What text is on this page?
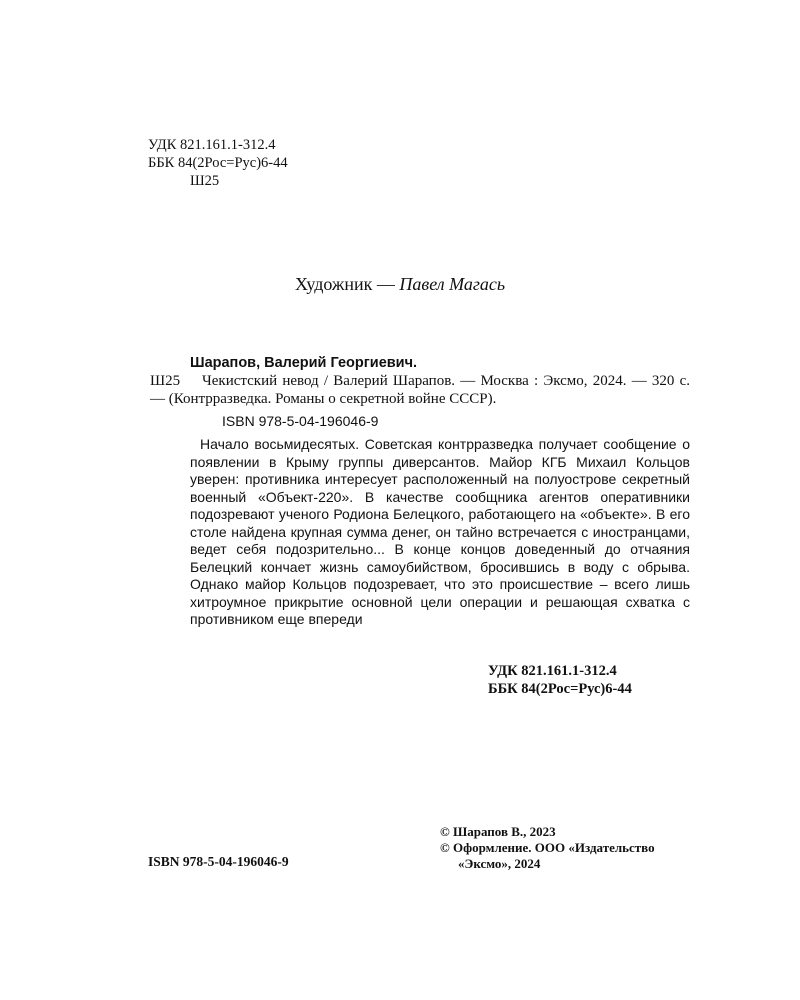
УДК 821.161.1-312.4
ББК 84(2Рос=Рус)6-44
Ш25
Художник — Павел Магась
Шарапов, Валерий Георгиевич.
Ш25	Чекистский невод / Валерий Шарапов. — Москва : Эксмо, 2024. — 320 с. — (Контрразведка. Романы о секретной войне СССР).
ISBN 978-5-04-196046-9
Начало восьмидесятых. Советская контрразведка получает сообщение о появлении в Крыму группы диверсантов. Майор КГБ Михаил Кольцов уверен: противника интересует расположенный на полуострове секретный военный «Объект-220». В качестве сообщника агентов оперативники подозревают ученого Родиона Белецкого, работающего на «объекте». В его столе найдена крупная сумма денег, он тайно встречается с иностранцами, ведет себя подозрительно... В конце концов доведенный до отчаяния Белецкий кончает жизнь самоубийством, бросившись в воду с обрыва. Однако майор Кольцов подозревает, что это происшествие – всего лишь хитроумное прикрытие основной цели операции и решающая схватка с противником еще впереди
УДК 821.161.1-312.4
ББК 84(2Рос=Рус)6-44
© Шарапов В., 2023
© Оформление. ООО «Издательство
«Эксмо», 2024
ISBN 978-5-04-196046-9
